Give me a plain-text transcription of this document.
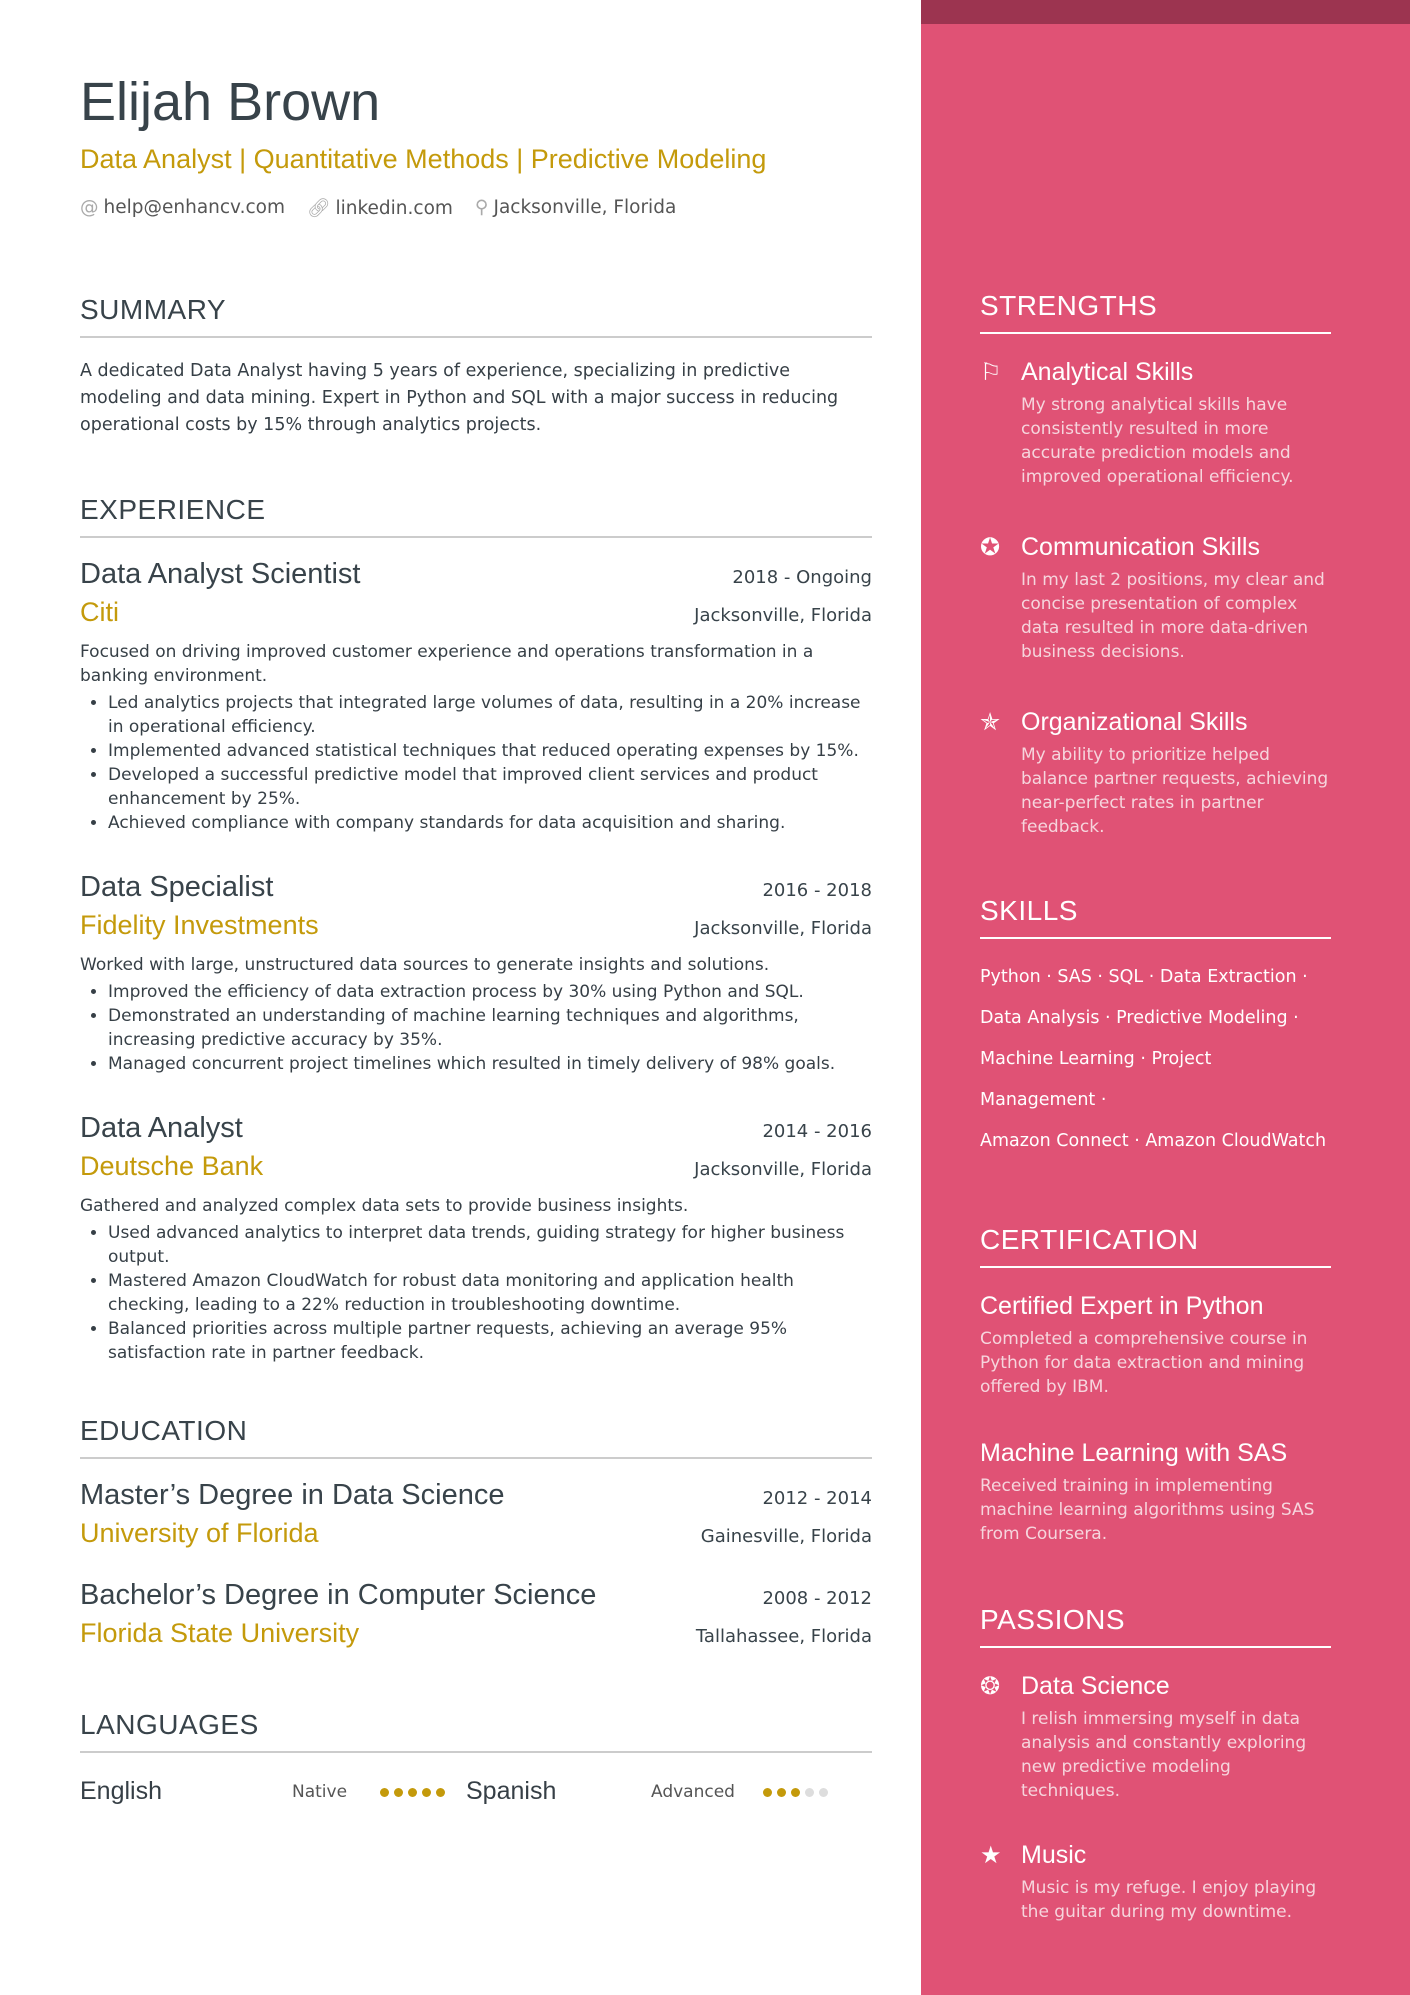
Elijah Brown
Data Analyst | Quantitative Methods | Predictive Modeling
@ help@enhancv.com 🔗︎ linkedin.com ⚲ Jacksonville, Florida
SUMMARY

A dedicated Data Analyst having 5 years of experience, specializing in predictive modeling and data mining. Expert in Python and SQL with a major success in reducing operational costs by 15% through analytics projects.

EXPERIENCE
Data Analyst Scientist	2018 - Ongoing
Citi	Jacksonville, Florida
Focused on driving improved customer experience and operations transformation in a banking environment.
• Led analytics projects that integrated large volumes of data, resulting in a 20% increase in operational efficiency.
• Implemented advanced statistical techniques that reduced operating expenses by 15%.
• Developed a successful predictive model that improved client services and product enhancement by 25%.
• Achieved compliance with company standards for data acquisition and sharing.
Data Specialist	2016 - 2018
Fidelity Investments	Jacksonville, Florida
Worked with large, unstructured data sources to generate insights and solutions.
• Improved the efficiency of data extraction process by 30% using Python and SQL.
• Demonstrated an understanding of machine learning techniques and algorithms, increasing predictive accuracy by 35%.
• Managed concurrent project timelines which resulted in timely delivery of 98% goals.
Data Analyst	2014 - 2016
Deutsche Bank	Jacksonville, Florida
Gathered and analyzed complex data sets to provide business insights.
• Used advanced analytics to interpret data trends, guiding strategy for higher business output.
• Mastered Amazon CloudWatch for robust data monitoring and application health checking, leading to a 22% reduction in troubleshooting downtime.
• Balanced priorities across multiple partner requests, achieving an average 95% satisfaction rate in partner feedback.
EDUCATION
Master’s Degree in Data Science	2012 - 2014
University of Florida	Gainesville, Florida
Bachelor’s Degree in Computer Science	2008 - 2012
Florida State University	Tallahassee, Florida
LANGUAGES
English	Native	Spanish	Advanced
STRENGTHS
⚐ Analytical Skills
My strong analytical skills have consistently resulted in more accurate prediction models and improved operational efficiency.
✪ Communication Skills
In my last 2 positions, my clear and concise presentation of complex data resulted in more data-driven business decisions.
✯ Organizational Skills
My ability to prioritize helped balance partner requests, achieving near-perfect rates in partner feedback.
SKILLS
Python · SAS · SQL · Data Extraction ·
Data Analysis · Predictive Modeling ·
Machine Learning · Project Management ·
Amazon Connect · Amazon CloudWatch
CERTIFICATION
Certified Expert in Python
Completed a comprehensive course in Python for data extraction and mining offered by IBM.
Machine Learning with SAS
Received training in implementing machine learning algorithms using SAS from Coursera.
PASSIONS
❂ Data Science
I relish immersing myself in data analysis and constantly exploring new predictive modeling techniques.
★ Music
Music is my refuge. I enjoy playing the guitar during my downtime.
